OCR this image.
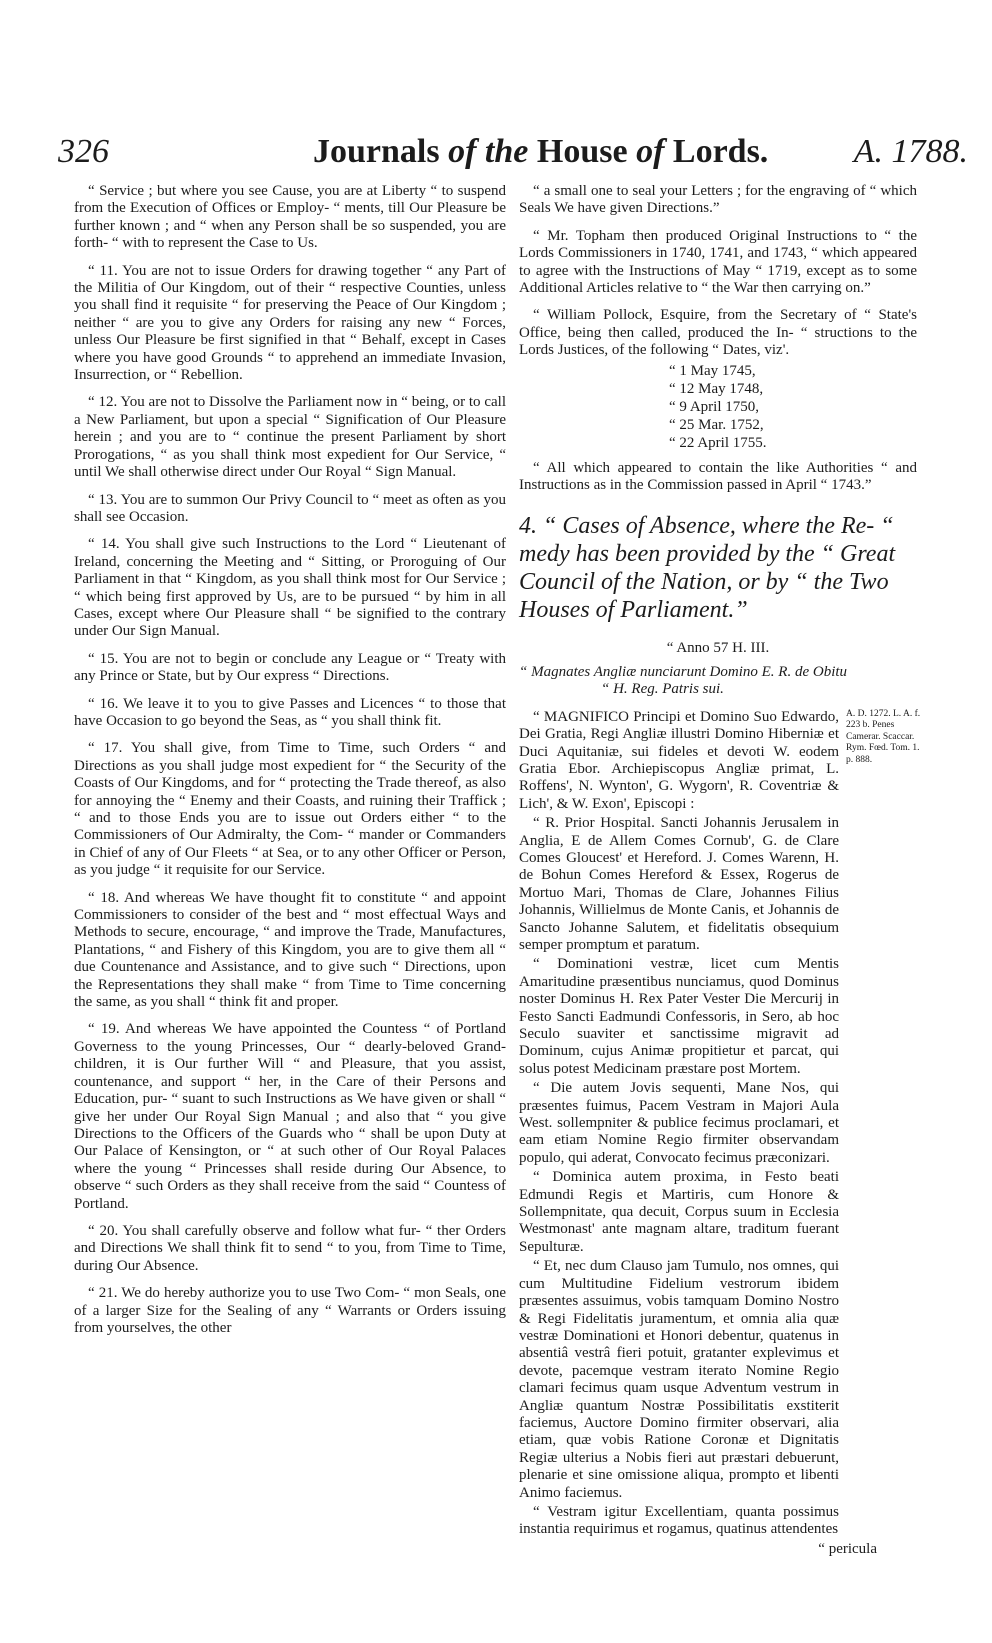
326	Journals of the House of Lords.	A. 1788.

“ Service ; but where you see Cause, you are at Liberty “ to suspend from the Execution of Offices or Employ- “ ments, till Our Pleasure be further known ; and “ when any Person shall be so suspended, you are forth- “ with to represent the Case to Us.

“ 11. You are not to issue Orders for drawing together “ any Part of the Militia of Our Kingdom, out of their “ respective Counties, unless you shall find it requisite “ for preserving the Peace of Our Kingdom ; neither “ are you to give any Orders for raising any new “ Forces, unless Our Pleasure be first signified in that “ Behalf, except in Cases where you have good Grounds “ to apprehend an immediate Invasion, Insurrection, or “ Rebellion.

“ 12. You are not to Dissolve the Parliament now in “ being, or to call a New Parliament, but upon a special “ Signification of Our Pleasure herein ; and you are to “ continue the present Parliament by short Prorogations, “ as you shall think most expedient for Our Service, “ until We shall otherwise direct under Our Royal “ Sign Manual.

“ 13. You are to summon Our Privy Council to “ meet as often as you shall see Occasion.

“ 14. You shall give such Instructions to the Lord “ Lieutenant of Ireland, concerning the Meeting and “ Sitting, or Proroguing of Our Parliament in that “ Kingdom, as you shall think most for Our Service ; “ which being first approved by Us, are to be pursued “ by him in all Cases, except where Our Pleasure shall “ be signified to the contrary under Our Sign Manual.

“ 15. You are not to begin or conclude any League or “ Treaty with any Prince or State, but by Our express “ Directions.

“ 16. We leave it to you to give Passes and Licences “ to those that have Occasion to go beyond the Seas, as “ you shall think fit.

“ 17. You shall give, from Time to Time, such Orders “ and Directions as you shall judge most expedient for “ the Security of the Coasts of Our Kingdoms, and for “ protecting the Trade thereof, as also for annoying the “ Enemy and their Coasts, and ruining their Traffick ; “ and to those Ends you are to issue out Orders either “ to the Commissioners of Our Admiralty, the Com- “ mander or Commanders in Chief of any of Our Fleets “ at Sea, or to any other Officer or Person, as you judge “ it requisite for our Service.

“ 18. And whereas We have thought fit to constitute “ and appoint Commissioners to consider of the best and “ most effectual Ways and Methods to secure, encourage, “ and improve the Trade, Manufactures, Plantations, “ and Fishery of this Kingdom, you are to give them all “ due Countenance and Assistance, and to give such “ Directions, upon the Representations they shall make “ from Time to Time concerning the same, as you shall “ think fit and proper.

“ 19. And whereas We have appointed the Countess “ of Portland Governess to the young Princesses, Our “ dearly-beloved Grand-children, it is Our further Will “ and Pleasure, that you assist, countenance, and support “ her, in the Care of their Persons and Education, pur- “ suant to such Instructions as We have given or shall “ give her under Our Royal Sign Manual ; and also that “ you give Directions to the Officers of the Guards who “ shall be upon Duty at Our Palace of Kensington, or “ at such other of Our Royal Palaces where the young “ Princesses shall reside during Our Absence, to observe “ such Orders as they shall receive from the said “ Countess of Portland.

“ 20. You shall carefully observe and follow what fur- “ ther Orders and Directions We shall think fit to send “ to you, from Time to Time, during Our Absence.

“ 21. We do hereby authorize you to use Two Com- “ mon Seals, one of a larger Size for the Sealing of any “ Warrants or Orders issuing from yourselves, the other

“ a small one to seal your Letters ; for the engraving of “ which Seals We have given Directions.”

“ Mr. Topham then produced Original Instructions to “ the Lords Commissioners in 1740, 1741, and 1743, “ which appeared to agree with the Instructions of May “ 1719, except as to some Additional Articles relative to “ the War then carrying on.”

“ William Pollock, Esquire, from the Secretary of “ State's Office, being then called, produced the In- “ structions to the Lords Justices, of the following “ Dates, viz'.

“ 1 May 1745,
“ 12 May 1748,
“ 9 April 1750,
“ 25 Mar. 1752,
“ 22 April 1755.

“ All which appeared to contain the like Authorities “ and Instructions as in the Commission passed in April “ 1743.”

4. “ Cases of Absence, where the Re- “ medy has been provided by the “ Great Council of the Nation, or by “ the Two Houses of Parliament.”

“ Anno 57 H. III.

“ Magnates Angliæ nunciarunt Domino E. R. de Obitu
“ H. Reg. Patris sui.

A. D. 1272. L. A. f. 223 b. Penes Camerar. Scaccar. Rym. Fœd. Tom. 1. p. 888.

“ MAGNIFICO Principi et Domino Suo Edwardo, Dei Gratia, Regi Angliæ illustri Domino Hiberniæ et Duci Aquitaniæ, sui fideles et devoti W. eodem Gratia Ebor. Archiepiscopus Angliæ primat, L. Roffens', N. Wynton', G. Wygorn', R. Coventriæ & Lich', & W. Exon', Episcopi :

“ R. Prior Hospital. Sancti Johannis Jerusalem in Anglia, E de Allem Comes Cornub', G. de Clare Comes Gloucest' et Hereford. J. Comes Warenn, H. de Bohun Comes Hereford & Essex, Rogerus de Mortuo Mari, Thomas de Clare, Johannes Filius Johannis, Willielmus de Monte Canis, et Johannis de Sancto Johanne Salutem, et fidelitatis obsequium semper promptum et paratum.

“ Dominationi vestræ, licet cum Mentis Amaritudine præsentibus nunciamus, quod Dominus noster Dominus H. Rex Pater Vester Die Mercurij in Festo Sancti Eadmundi Confessoris, in Sero, ab hoc Seculo suaviter et sanctissime migravit ad Dominum, cujus Animæ propitietur et parcat, qui solus potest Medicinam præstare post Mortem.

“ Die autem Jovis sequenti, Mane Nos, qui præsentes fuimus, Pacem Vestram in Majori Aula West. sollempniter & publice fecimus proclamari, et eam etiam Nomine Regio firmiter observandam populo, qui aderat, Convocato fecimus præconizari.

“ Dominica autem proxima, in Festo beati Edmundi Regis et Martiris, cum Honore & Sollempnitate, qua decuit, Corpus suum in Ecclesia Westmonast' ante magnam altare, traditum fuerant Sepulturæ.

“ Et, nec dum Clauso jam Tumulo, nos omnes, qui cum Multitudine Fidelium vestrorum ibidem præsentes assuimus, vobis tamquam Domino Nostro & Regi Fidelitatis juramentum, et omnia alia quæ vestræ Dominationi et Honori debentur, quatenus in absentiâ vestrâ fieri potuit, gratanter explevimus et devote, pacemque vestram iterato Nomine Regio clamari fecimus quam usque Adventum vestrum in Angliæ quantum Nostræ Possibilitatis exstiterit faciemus, Auctore Domino firmiter observari, alia etiam, quæ vobis Ratione Coronæ et Dignitatis Regiæ ulterius a Nobis fieri aut præstari debuerunt, plenarie et sine omissione aliqua, prompto et libenti Animo faciemus.

“ Vestram igitur Excellentiam, quanta possimus instantia requirimus et rogamus, quatinus attendentes

“ pericula
